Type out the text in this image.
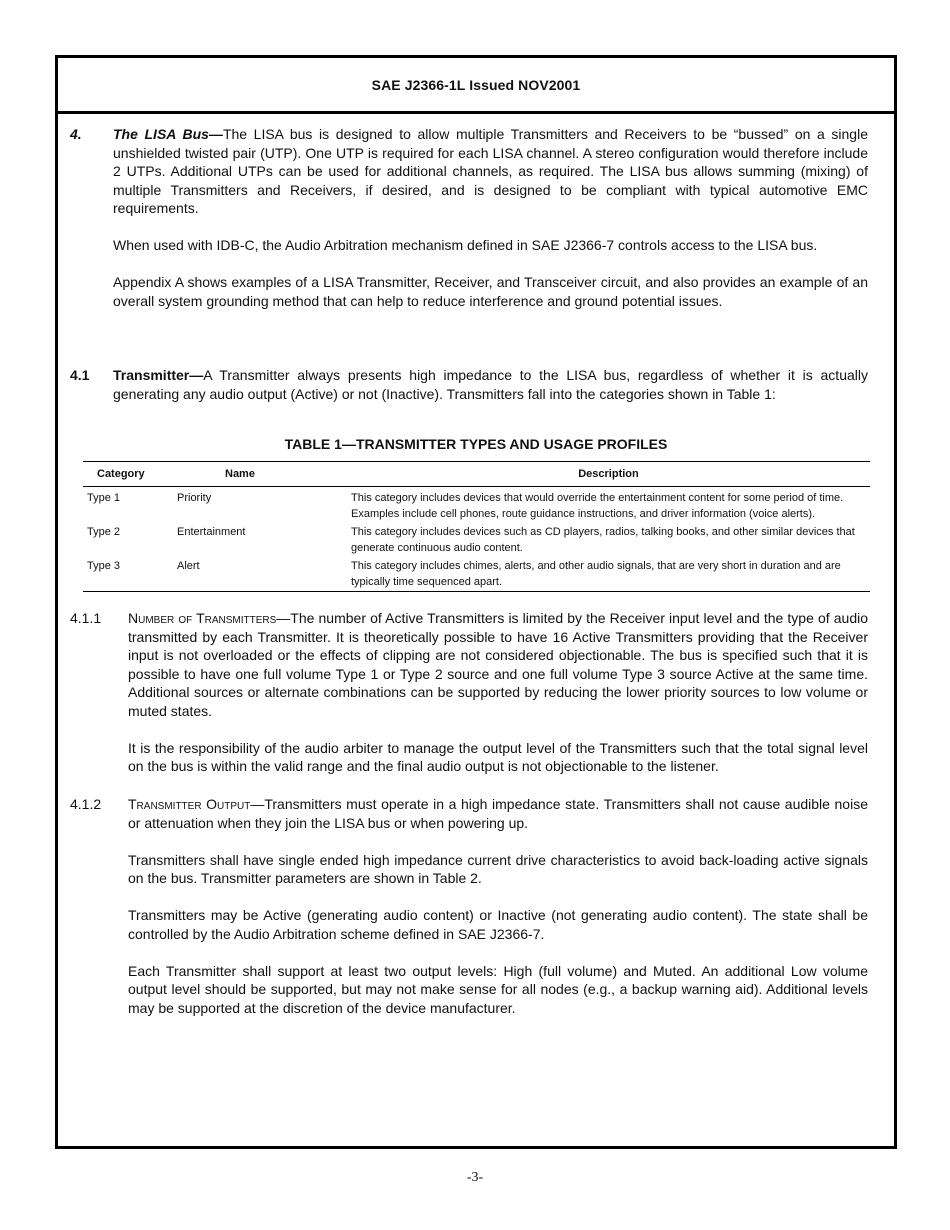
SAE J2366-1L Issued NOV2001
4. The LISA Bus—The LISA bus is designed to allow multiple Transmitters and Receivers to be “bussed” on a single unshielded twisted pair (UTP). One UTP is required for each LISA channel. A stereo configuration would therefore include 2 UTPs. Additional UTPs can be used for additional channels, as required. The LISA bus allows summing (mixing) of multiple Transmitters and Receivers, if desired, and is designed to be compliant with typical automotive EMC requirements.

When used with IDB-C, the Audio Arbitration mechanism defined in SAE J2366-7 controls access to the LISA bus.

Appendix A shows examples of a LISA Transmitter, Receiver, and Transceiver circuit, and also provides an example of an overall system grounding method that can help to reduce interference and ground potential issues.

4.1 Transmitter—A Transmitter always presents high impedance to the LISA bus, regardless of whether it is actually generating any audio output (Active) or not (Inactive). Transmitters fall into the categories shown in Table 1:

TABLE 1—TRANSMITTER TYPES AND USAGE PROFILES
Category	Name	Description
Type 1	Priority	This category includes devices that would override the entertainment content for some period of time. Examples include cell phones, route guidance instructions, and driver information (voice alerts).
Type 2	Entertainment	This category includes devices such as CD players, radios, talking books, and other similar devices that generate continuous audio content.
Type 3	Alert	This category includes chimes, alerts, and other audio signals, that are very short in duration and are typically time sequenced apart.
4.1.1 Number of Transmitters—The number of Active Transmitters is limited by the Receiver input level and the type of audio transmitted by each Transmitter. It is theoretically possible to have 16 Active Transmitters providing that the Receiver input is not overloaded or the effects of clipping are not considered objectionable. The bus is specified such that it is possible to have one full volume Type 1 or Type 2 source and one full volume Type 3 source Active at the same time. Additional sources or alternate combinations can be supported by reducing the lower priority sources to low volume or muted states.

It is the responsibility of the audio arbiter to manage the output level of the Transmitters such that the total signal level on the bus is within the valid range and the final audio output is not objectionable to the listener.

4.1.2 Transmitter Output—Transmitters must operate in a high impedance state. Transmitters shall not cause audible noise or attenuation when they join the LISA bus or when powering up.

Transmitters shall have single ended high impedance current drive characteristics to avoid back-loading active signals on the bus. Transmitter parameters are shown in Table 2.

Transmitters may be Active (generating audio content) or Inactive (not generating audio content). The state shall be controlled by the Audio Arbitration scheme defined in SAE J2366-7.

Each Transmitter shall support at least two output levels: High (full volume) and Muted. An additional Low volume output level should be supported, but may not make sense for all nodes (e.g., a backup warning aid). Additional levels may be supported at the discretion of the device manufacturer.

-3-
